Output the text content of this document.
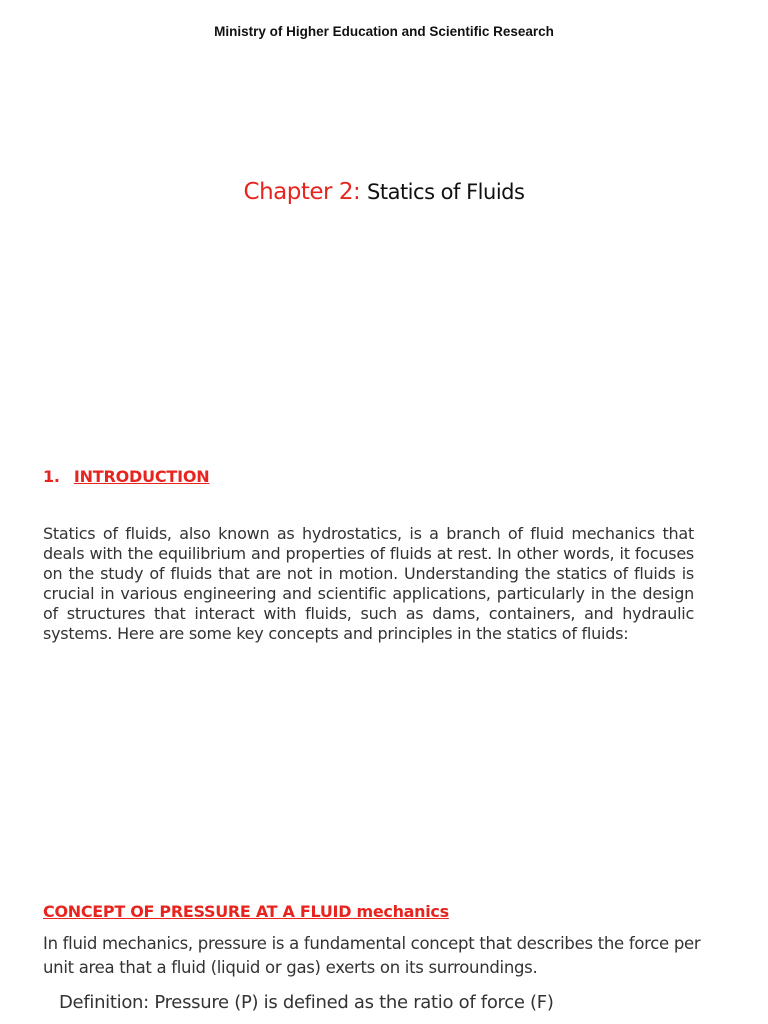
Ministry of Higher Education and Scientific Research
Chapter 2: Statics of Fluids
1. INTRODUCTION
Statics of fluids, also known as hydrostatics, is a branch of fluid mechanics that deals with the equilibrium and properties of fluids at rest. In other words, it focuses on the study of fluids that are not in motion. Understanding the statics of fluids is crucial in various engineering and scientific applications, particularly in the design of structures that interact with fluids, such as dams, containers, and hydraulic systems. Here are some key concepts and principles in the statics of fluids:
CONCEPT OF PRESSURE AT A FLUID mechanics
In fluid mechanics, pressure is a fundamental concept that describes the force per unit area that a fluid (liquid or gas) exerts on its surroundings.
Definition: Pressure (P) is defined as the ratio of force (F)
